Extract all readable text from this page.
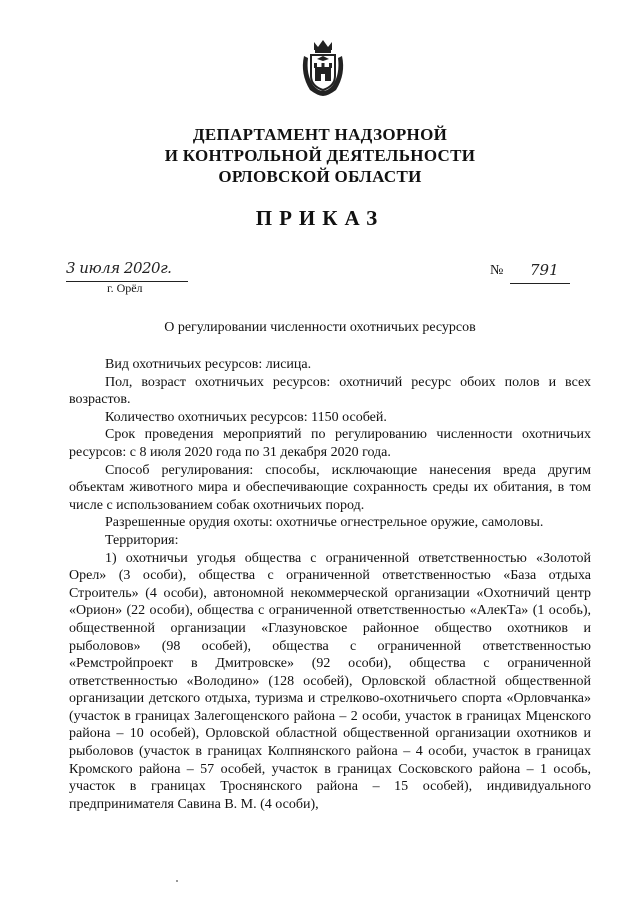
ДЕПАРТАМЕНТ НАДЗОРНОЙ
И КОНТРОЛЬНОЙ ДЕЯТЕЛЬНОСТИ
ОРЛОВСКОЙ ОБЛАСТИ
ПРИКАЗ
3 июля 2020г.
г. Орёл
№ 791
О регулировании численности охотничьих ресурсов

Вид охотничьих ресурсов: лисица.

Пол, возраст охотничьих ресурсов: охотничий ресурс обоих полов и всех возрастов.

Количество охотничьих ресурсов: 1150 особей.

Срок проведения мероприятий по регулированию численности охотничьих ресурсов: с 8 июля 2020 года по 31 декабря 2020 года.

Способ регулирования: способы, исключающие нанесения вреда другим объектам животного мира и обеспечивающие сохранность среды их обитания, в том числе с использованием собак охотничьих пород.

Разрешенные орудия охоты: охотничье огнестрельное оружие, самоловы.

Территория:

1) охотничьи угодья общества с ограниченной ответственностью «Золотой Орел» (3 особи), общества с ограниченной ответственностью «База отдыха Строитель» (4 особи), автономной некоммерческой организации «Охотничий центр «Орион» (22 особи), общества с ограниченной ответственностью «АлекТа» (1 особь), общественной организации «Глазуновское районное общество охотников и рыболовов» (98 особей), общества с ограниченной ответственностью «Ремстройпроект в Дмитровске» (92 особи), общества с ограниченной ответственностью «Володино» (128 особей), Орловской областной общественной организации детского отдыха, туризма и стрелково-охотничьего спорта «Орловчанка» (участок в границах Залегощенского района – 2 особи, участок в границах Мценского района – 10 особей), Орловской областной общественной организации охотников и рыболовов (участок в границах Колпнянского района – 4 особи, участок в границах Кромского района – 57 особей, участок в границах Сосковского района – 1 особь, участок в границах Троснянского района – 15 особей), индивидуального предпринимателя Савина В. М. (4 особи),
